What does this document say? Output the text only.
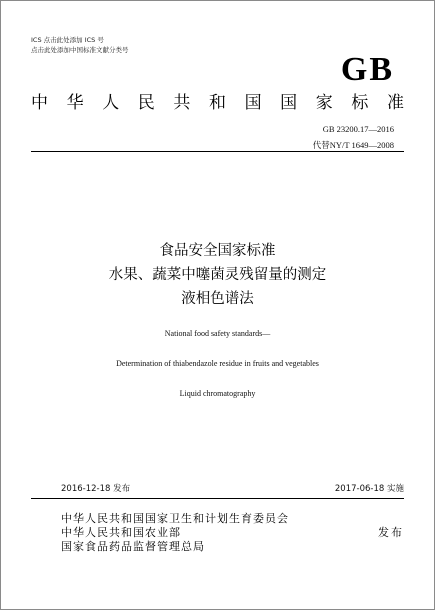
ICS 点击此处添加 ICS 号
点击此处添加中国标准文献分类号
GB
中 华 人 民 共 和 国 国 家 标 准
GB 23200.17—2016
代替NY/T 1649—2008
食品安全国家标准
水果、蔬菜中噻菌灵残留量的测定
液相色谱法
National food safety standards—
Determination of thiabendazole residue in fruits and vegetables
Liquid chromatography
2016-12-18 发布	2017-06-18 实施
中华人民共和国国家卫生和计划生育委员会
中华人民共和国农业部
国家食品药品监督管理总局
发布
